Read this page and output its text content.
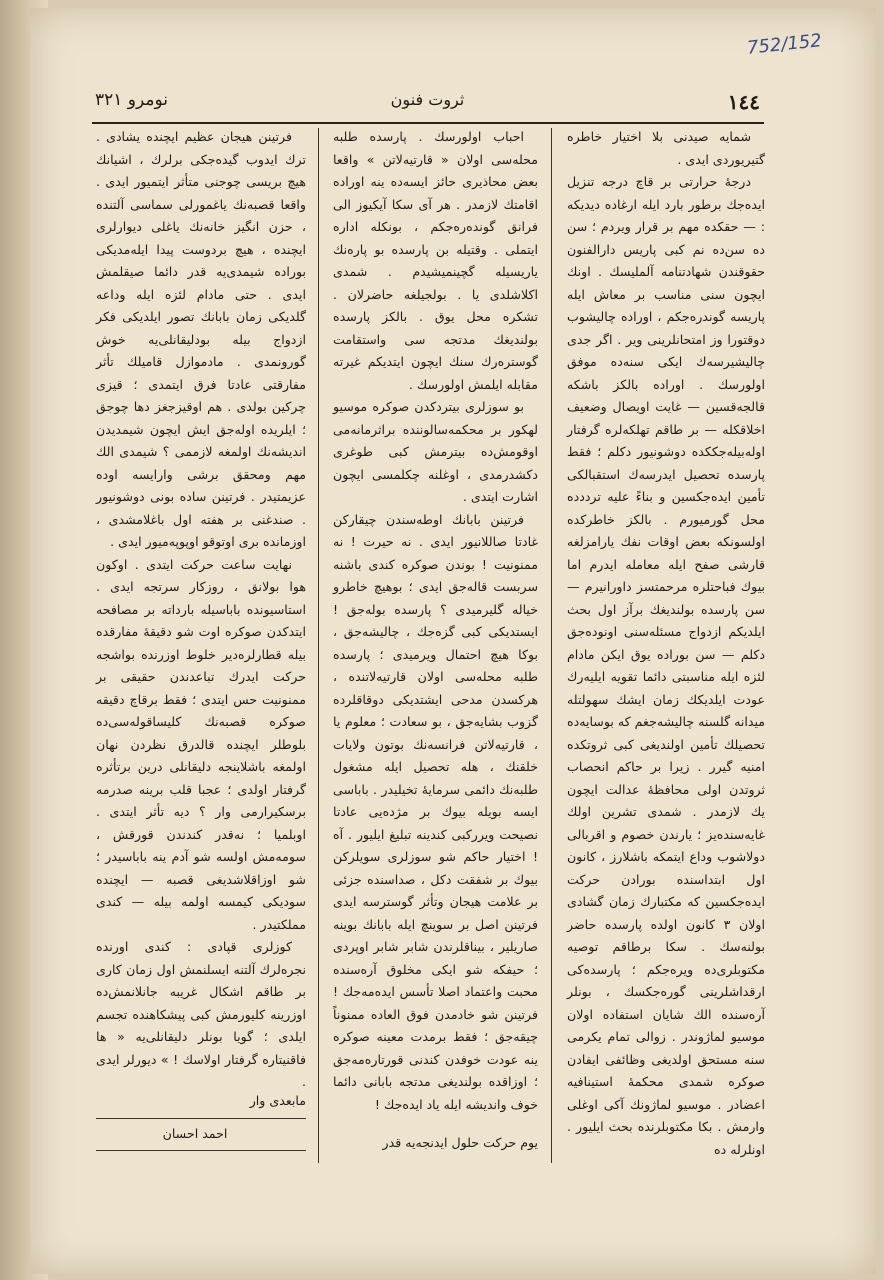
752/152
١٤٤
ثروت فنون
نومرو ٣٢١

شمایه صیدنی بلا اختیار خاطره گتیریوردی ایدی .

درجهٔ حرارتی بر قاچ درجه تنزیل ایده‌جك برطور بارد ایله ارغاده دیدیکه : — حقکده مهم بر قرار ویردم ؛ سن ده سن‌ده نم کبی پاریس دارالفنون حقوقندن شهادتنامه آلملیسك . اونك ایچون سنی مناسب بر معاش ایله پاریسه گوندره‌جکم ، اوراده چالیشوب دوقتورا وز امتحانلرینی ویر . اگر جدی چالیشیرسه‌ك ایکی سنه‌ده موفق اولورسك . اوراده بالکز باشکه قالجه‌قسین — غایت اویصال وضعیف اخلاقکله — بر طاقم تهلکه‌لره گرفتار اوله‌بیله‌جککده دوشونیور دکلم ؛ فقط پارسده تحصیل ایدرسه‌ك استقبالکی تأمین ایده‌جکسین و بناءً علیه ترددده محل گورمیورم . بالکز خاطرکده اولسونکه بعض اوقات نفك یارامزلغه قارشی صفح ایله معامله ایدرم اما بیوك فباحتلره مرحمتسز داورانیرم — سن پارسده بولندیغك برآز اول بحث ایلدیکم ازدواج مسئله‌سنی اونوده‌جق دکلم — سن بوراده یوق ایکن مادام لئزه ایله مناسبتی دائما تقویه ایلیه‌رك عودت ایلدیکك زمان ایشك سهولتله میدانه گلسنه چالیشه‌جغم که بوسایه‌ده تحصیلك تأمین اولندیغی کبی ثروتکده امنیه گیرر . زیرا بر حاکم انحصاب ثروتدن اولی محافظهٔ عدالت ایچون یك لازمدر . شمدی تشرین اولك غایه‌سنده‌یز ؛ یارندن خصوم و اقربالی دولاشوب وداع ایتمکه باشلارز ، کانون اول ابتداسنده بورادن حرکت ایده‌جکسین که مکتبارك زمان گشادی اولان ۳ کانون اولده پارسده حاضر بولنه‌سك . سکا برطاقم توصیه مکتوبلری‌ده ویره‌جکم ؛ پارسده‌کی ارقداشلرینی گوره‌جکسك ، بونلر آره‌سنده الك شایان استفاده اولان موسیو لماژوندر . زوالی تمام یکرمی سنه مستحق اولدیغی وظائفی ایفادن صوکره شمدی محکمهٔ استینافیه اعضادر . موسیو لماژونك آکی اوغلی وارمش . بکا مکتوبلرنده بحث ایلیور . اونلرله ده

احباب اولورسك . پارسده طلبه محله‌سی اولان « قارتیه‌لاتن » واقعا بعض محاذیری حائز ایسه‌ده ینه اوراده اقامتك لازمدر . هر آی سکا آیکیوز الی فرانق گونده‌ره‌جکم ، بونکله اداره ایتملی . وقتیله بن پارسده بو پاره‌نك یاریسیله گچینمیشیدم . شمدی اکلاشلدی یا . بولجیلغه حاضرلان . تشکره محل یوق . بالکز پارسده بولندیغك مدتجه سی واستقامت گوستره‌رك سنك ایچون ایتدیکم غیرته مقابله ایلمش اولورسك .

بو سوزلری بیتردکدن صوکره موسیو لهکور بر محکمه‌سالوننده براثرمانه‌می اوقومش‌ده بیترمش کبی طوغری دکشدرمدی ، اوغلنه چکلمسی ایچون اشارت ایتدی .

فرتینن بابانك اوطه‌سندن چیقارکن غادتا صاللانیور ایدی . نه حیرت ! نه ممنونیت ! بوندن صوکره کندی باشنه سربست قاله‌جق ایدی ؛ بوهیچ خاطرو خیاله گلیرمیدی ؟ پارسده بوله‌جق ! ایستدیکی کبی گزه‌جك ، چالیشه‌جق ، بوکا هیچ احتمال ویرمیدی ؛ پارسده طلبه محله‌سی اولان قارتیه‌لاتنده ، هرکسدن مدحی ایشتدیکی دوقاقلرده گزوب بشایه‌جق ، بو سعادت ؛ معلوم یا ، قارتیه‌لاتن فرانسه‌نك بوتون ولایات خلقنك ، هله تحصیل ایله مشغول طلبه‌نك دائمی سرمایهٔ تخیلیدر . باباسی ایسه بویله بیوك بر مژده‌یی عادتا نصیحت ویررکبی کندینه تبلیغ ایلیور . آه ! اختیار حاکم شو سوزلری سویلرکن بیوك بر شفقت دکل ، صداسنده جزئی بر علامت هیجان وتأثر گوسترسه ایدی فرتینن اصل بر سوینچ ایله بابانك بوینه صاریلیر ، بیناقلرندن شابر شابر اوپردی ؛ حیفکه شو ایکی مخلوق آره‌سنده محبت واعتماد اصلا تأسس ایده‌مه‌جك ! فرتینن شو خادمدن فوق العاده ممنوناً چیقه‌جق ؛ فقط برمدت معینه صوکره ینه عودت خوفدن کندنی قورتاره‌مه‌جق ؛ اوزاقده بولندیغی مدتجه بابانی دائما خوف واندیشه ایله یاد ایده‌جك !

یوم حرکت حلول ایدنجه‌یه قدر

فرتینن هیجان عظیم ایچنده یشادی . ترك ایدوب گیده‌جکی برلرك ، اشیانك هیچ بریسی چوجنی متأثر ایتمیور ایدی . واقعا قصبه‌نك یاغمورلی سماسی آلتنده ، حزن انگیز خانه‌نك یاغلی دیوارلری ایچنده ، هیچ بردوست پیدا ایله‌مدیکی بوراده شیمدی‌یه قدر دائما صیقلمش ایدی . حتی مادام لئزه ایله وداعه گلدیکی زمان بابانك تصور ایلدیکی فکر ازدواج بیله بودلیقانلی‌یه خوش گورونمدی . مادموازل قامیلك تأثر مفارقتی عادتا فرق ایتمدی ؛ قیزی چرکین بولدی . هم اوقیزجغز دها چوجق ؛ ایلریده اوله‌جق ایش ایچون شیمدیدن اندیشه‌نك اولمغه لازممی ؟ شیمدی الك مهم ومحقق برشی وارایسه اوده عزیمتیدر . فرتینن ساده بونی دوشونیور . صندغنی بر هفته اول باغلامشدی ، اوزمانده بری اوتوقو اوپوپه‌میور ایدی .

نهایت ساعت حرکت ایتدی . اوکون هوا بولانق ، روزکار سرتجه ایدی . استاسیونده باباسیله بارداته بر مصافحه ایتدکدن صوکره اوت شو دقیقهٔ مفارقده بیله قطارلره‌دیر خلوط اوزرنده بواشجه حرکت ایدرك تباعدندن حقیقی بر ممنونیت حس ایتدی ؛ فقط برقاچ دقیقه صوکره قصبه‌نك کلیساقوله‌سی‌ده بلوطلر ایچنده قالدرق نظردن نهان اولمغه باشلاینجه دلیقانلی درین برتأثره گرفتار اولدی ؛ عجبا قلب برینه صدرمه برسکیرارمی وار ؟ دیه تأثر ایتدی . اوبلمیا ؛ نه‌قدر کندندن قورقش ، سومه‌مش اولسه شو آدم ینه باباسیدر ؛ شو اوزاقلاشدیغی قصبه — ایچنده سودیکی کیمسه اولمه بیله — کندی مملکتیدر .

کوزلری قپادی : کندی اورنده نجره‌لرك آلتنه ایسلنمش اول زمان کاری بر طاقم اشکال غریبه جانلانمش‌ده اوزرینه کلیورمش کبی پیشکاهنده تجسم ایلدی ؛ گویا بونلر دلیقانلی‌یه « ها فاقنیتاره گرفتار اولاسك ! » دیورلر ایدی .

مابعدی وار
احمد احسان
